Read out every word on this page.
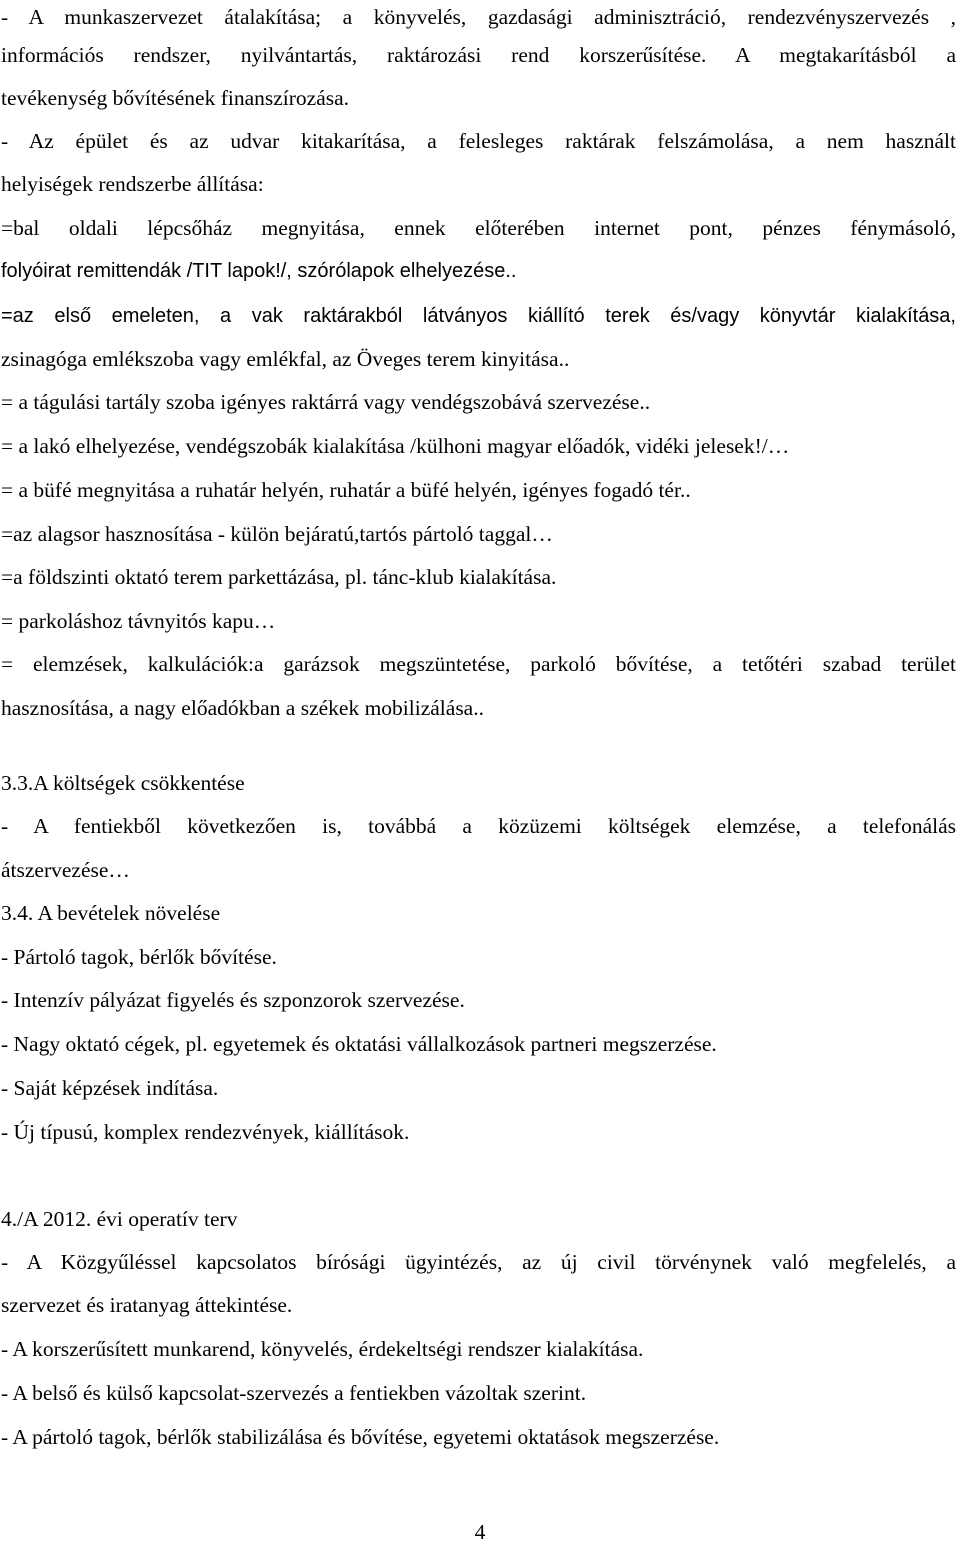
- A munkaszervezet átalakítása; a könyvelés, gazdasági adminisztráció, rendezvényszervezés ,
információs rendszer, nyilvántartás, raktározási rend korszerűsítése. A megtakarításból a
tevékenység bővítésének finanszírozása.
- Az épület és az udvar kitakarítása, a felesleges raktárak felszámolása, a nem használt
helyiségek rendszerbe állítása:
=bal oldali lépcsőház megnyitása, ennek előterében internet pont, pénzes fénymásoló,
folyóirat remittendák /TIT lapok!/, szórólapok elhelyezése..
=az első emeleten, a vak raktárakból látványos kiállító terek és/vagy könyvtár kialakítása,
zsinagóga emlékszoba vagy emlékfal, az Öveges terem kinyitása..
= a tágulási tartály szoba igényes raktárrá vagy vendégszobává szervezése..
= a lakó elhelyezése, vendégszobák kialakítása /külhoni magyar előadók, vidéki jelesek!/…
= a büfé megnyitása a ruhatár helyén, ruhatár a büfé helyén, igényes fogadó tér..
=az alagsor hasznosítása - külön bejáratú,tartós pártoló taggal…
=a földszinti oktató terem parkettázása, pl. tánc-klub kialakítása.
= parkoláshoz távnyitós kapu…
= elemzések, kalkulációk:a garázsok megszüntetése, parkoló bővítése, a tetőtéri szabad terület
hasznosítása, a nagy előadókban a székek mobilizálása..
3.3.A költségek csökkentése
- A fentiekből következően is, továbbá a közüzemi költségek elemzése, a telefonálás
átszervezése…
3.4. A bevételek növelése
- Pártoló tagok, bérlők bővítése.
- Intenzív pályázat figyelés és szponzorok szervezése.
- Nagy oktató cégek, pl. egyetemek és oktatási vállalkozások partneri megszerzése.
- Saját képzések indítása.
- Új típusú, komplex rendezvények, kiállítások.
4./A 2012. évi operatív terv
- A Közgyűléssel kapcsolatos bírósági ügyintézés, az új civil törvénynek való megfelelés, a
szervezet és iratanyag áttekintése.
- A korszerűsített munkarend, könyvelés, érdekeltségi rendszer kialakítása.
- A belső és külső kapcsolat-szervezés a fentiekben vázoltak szerint.
- A pártoló tagok, bérlők stabilizálása és bővítése, egyetemi oktatások megszerzése.
4
